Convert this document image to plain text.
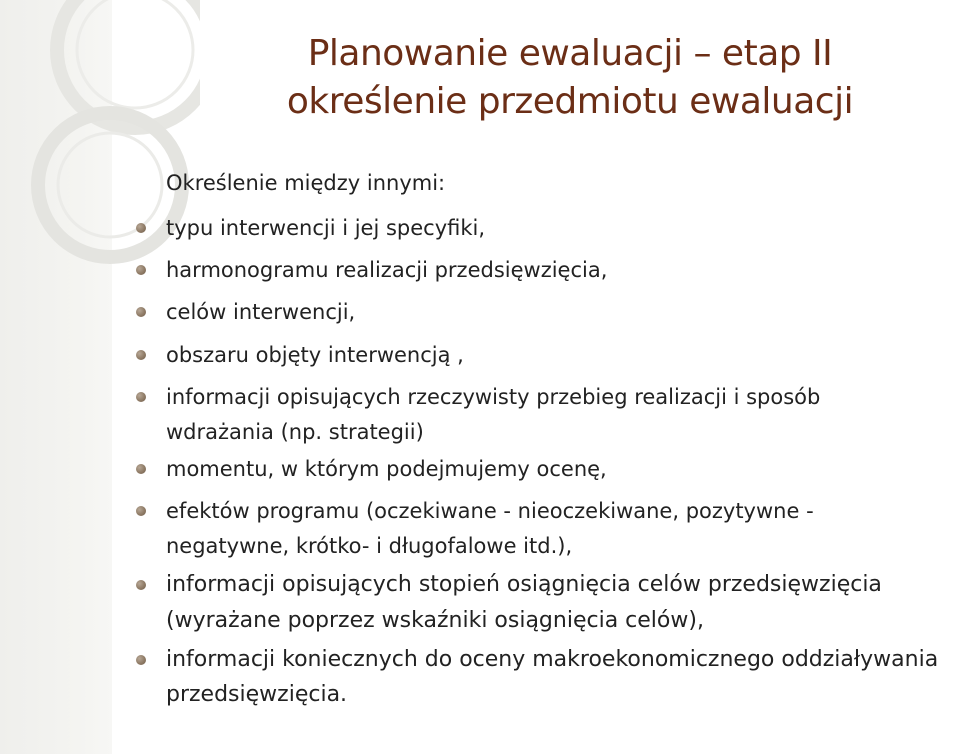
Planowanie ewaluacji – etap II
określenie przedmiotu ewaluacji
Określenie między innymi:
typu interwencji i jej specyfiki,
harmonogramu realizacji przedsięwzięcia,
celów interwencji,
obszaru objęty interwencją ,
informacji opisujących rzeczywisty przebieg realizacji i sposób
wdrażania (np. strategii)
momentu, w którym podejmujemy ocenę,
efektów programu (oczekiwane - nieoczekiwane, pozytywne -
negatywne, krótko- i długofalowe itd.),
informacji opisujących stopień osiągnięcia celów przedsięwzięcia
(wyrażane poprzez wskaźniki osiągnięcia celów),
informacji koniecznych do oceny makroekonomicznego oddziaływania
przedsięwzięcia.
